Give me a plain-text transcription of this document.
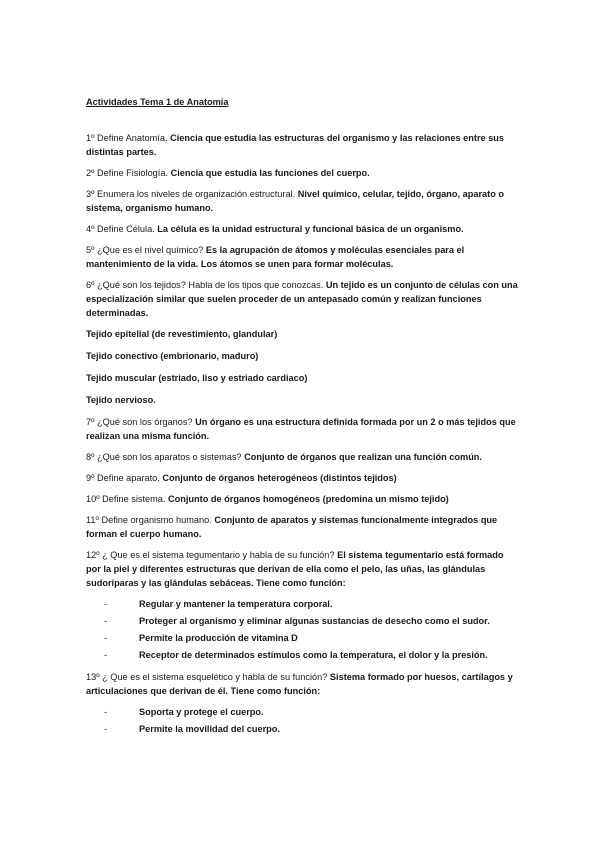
Actividades Tema 1 de Anatomía
1º Define Anatomía. Ciencia que estudia las estructuras del organismo y las relaciones entre sus distintas partes.
2º Define Fisiología. Ciencia que estudia las funciones del cuerpo.
3º Enumera los niveles de organización estructural. Nivel químico, celular, tejido, órgano, aparato o sistema, organismo humano.
4º Define Célula. La célula es la unidad estructural y funcional básica de un organismo.
5º ¿Que es el nivel químico? Es la agrupación de átomos y moléculas esenciales para el mantenimiento de la vida. Los átomos se unen para formar moléculas.
6º ¿Qué son los tejidos? Habla de los tipos que conozcas. Un tejido es un conjunto de células con una especialización similar que suelen proceder de un antepasado común y realizan funciones determinadas.
Tejido epitelial (de revestimiento, glandular)
Tejido conectivo (embrionario, maduro)
Tejido muscular (estriado, liso y estriado cardiaco)
Tejido nervioso.
7º ¿Qué son los órganos? Un órgano es una estructura definida formada por un 2 o más tejidos que realizan una misma función.
8º ¿Qué son los aparatos o sistemas? Conjunto de órganos que realizan una función común.
9º Define aparato. Conjunto de órganos heterogéneos (distintos tejidos)
10º Define sistema. Conjunto de órganos homogéneos (predomina un mismo tejido)
11º Define organismo humano. Conjunto de aparatos y sistemas funcionalmente integrados que forman el cuerpo humano.
12º ¿ Que es el sistema tegumentario y habla de su función? El sistema tegumentario está formado por la piel y diferentes estructuras que derivan de ella como el pelo, las uñas, las glándulas sudoríparas y las glándulas sebáceas. Tiene como función:
-	Regular y mantener la temperatura corporal.
-	Proteger al organismo y eliminar algunas sustancias de desecho como el sudor.
-	Permite la producción de vitamina D
-	Receptor de determinados estímulos como la temperatura, el dolor y la presión.
13º ¿ Que es el sistema esquelético y habla de su función? Sistema formado por huesos, cartílagos y articulaciones que derivan de él. Tiene como función:
-	Soporta y protege el cuerpo.
-	Permite la movilidad del cuerpo.
